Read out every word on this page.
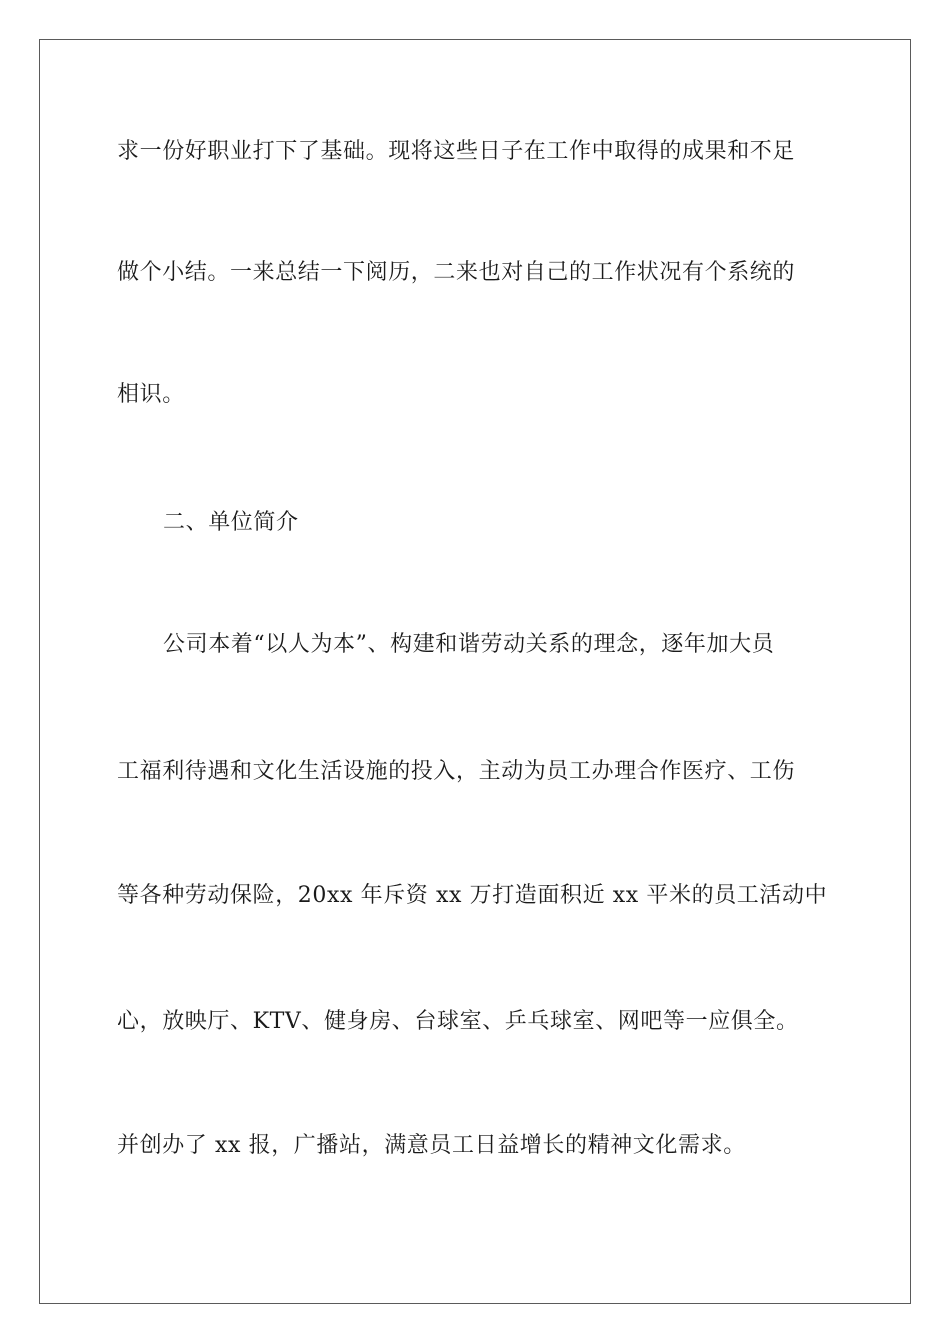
求一份好职业打下了基础。现将这些日子在工作中取得的成果和不足
做个小结。一来总结一下阅历，二来也对自己的工作状况有个系统的
相识。
二、单位简介
公司本着“以人为本”、构建和谐劳动关系的理念，逐年加大员
工福利待遇和文化生活设施的投入，主动为员工办理合作医疗、工伤
等各种劳动保险，20xx 年斥资 xx 万打造面积近 xx 平米的员工活动中
心，放映厅、KTV、健身房、台球室、乒乓球室、网吧等一应俱全。
并创办了 xx 报，广播站，满意员工日益增长的精神文化需求。
